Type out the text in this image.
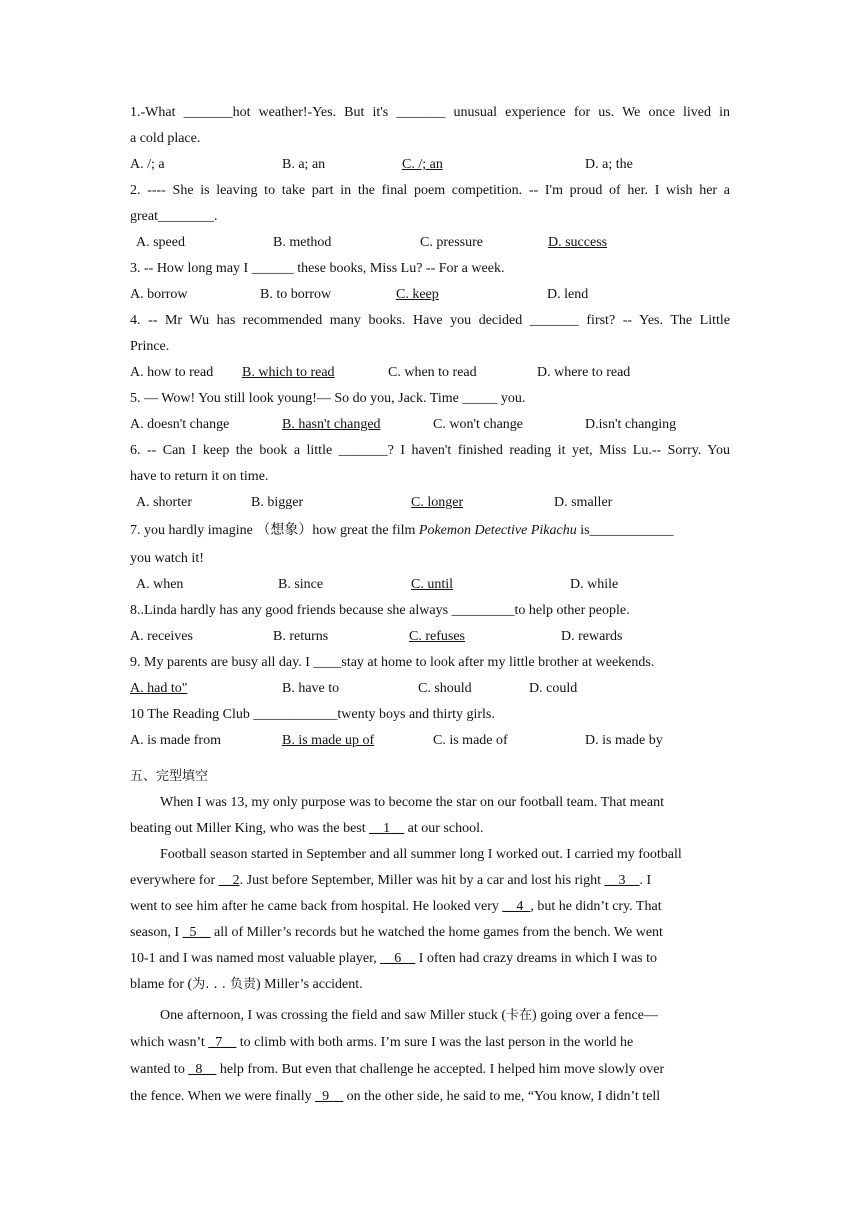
1.-What _______hot weather!-Yes. But it's _______ unusual experience for us. We once lived in
a cold place.
A. /; a	B. a; an	C. /; an	D. a; the
2. ---- She is leaving to take part in the final poem competition. -- I'm proud of her. I wish her a
great________.
A. speed	B. method	C. pressure	D. success
3. -- How long may I ______ these books, Miss Lu? -- For a week.
A. borrow	B. to borrow	C. keep	D. lend
4. -- Mr Wu has recommended many books. Have you decided _______ first? -- Yes. The Little
Prince.
A. how to read B. which to read	C. when to read	D. where to read
5. — Wow! You still look young!— So do you, Jack. Time _____ you.
A. doesn't change	B. hasn't changed	C. won't change	D.isn't changing
6. -- Can I keep the book a little _______? I haven't finished reading it yet, Miss Lu.-- Sorry. You
have to return it on time.
A. shorter	B. bigger	C. longer	D. smaller
7. you hardly imagine （想象）how great the film Pokemon Detective Pikachu is____________
you watch it!
A. when	B. since	C. until	D. while
8..Linda hardly has any good friends because she always _________to help other people.
A. receives	B. returns	C. refuses	D. rewards
9. My parents are busy all day. I ____stay at home to look after my little brother at weekends.
A. had to"	B. have to	C. should	D. could
10 The Reading Club ____________twenty boys and thirty girls.
A. is made from	B. is made up of	C. is made of	D. is made by
五、完型填空
When I was 13, my only purpose was to become the star on our football team. That meant
beating out Miller King, who was the best __1__ at our school.
Football season started in September and all summer long I worked out. I carried my football
everywhere for __2. Just before September, Miller was hit by a car and lost his right __3__. I
went to see him after he came back from hospital. He looked very __4_, but he didn’t cry. That
season, I _5__ all of Miller’s records but he watched the home games from the bench. We went
10-1 and I was named most valuable player, __6__ I often had crazy dreams in which I was to
blame for (为. . . 负责) Miller’s accident.
One afternoon, I was crossing the field and saw Miller stuck (卡在) going over a fence—
which wasn’t _7__ to climb with both arms. I’m sure I was the last person in the world he
wanted to _8__ help from. But even that challenge he accepted. I helped him move slowly over
the fence. When we were finally _9__ on the other side, he said to me, “You know, I didn’t tell
